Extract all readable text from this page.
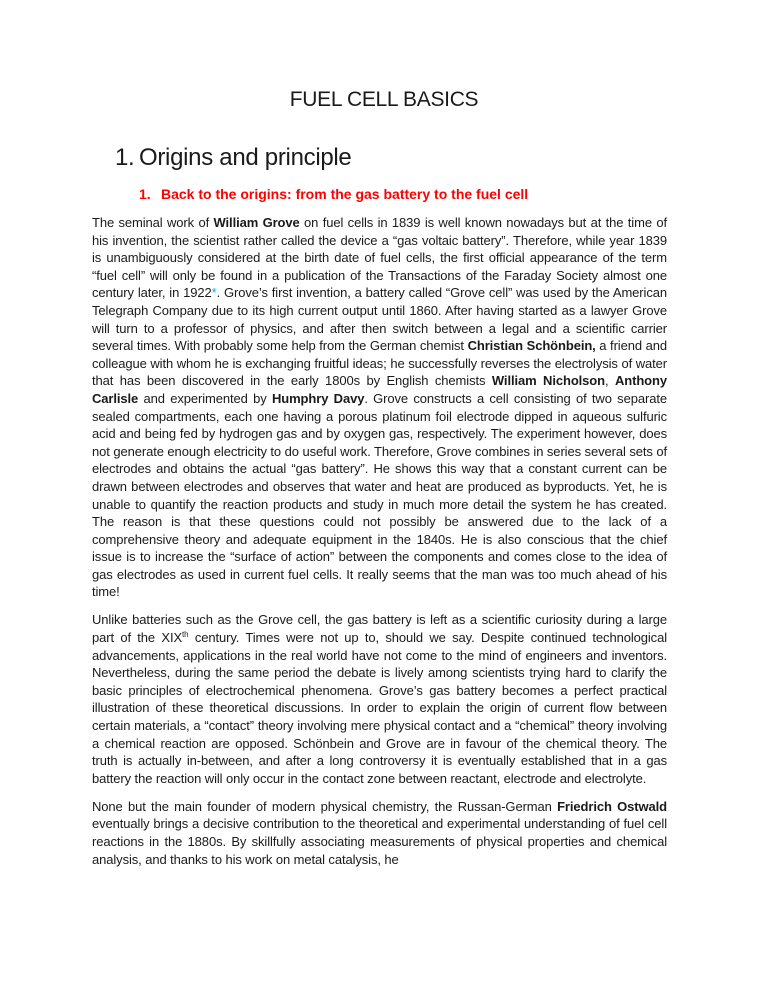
FUEL CELL BASICS
1. Origins and principle
1. Back to the origins: from the gas battery to the fuel cell

The seminal work of William Grove on fuel cells in 1839 is well known nowadays but at the time of his invention, the scientist rather called the device a “gas voltaic battery”. Therefore, while year 1839 is unambiguously considered at the birth date of fuel cells, the first official appearance of the term “fuel cell” will only be found in a publication of the Transactions of the Faraday Society almost one century later, in 1922*. Grove’s first invention, a battery called “Grove cell” was used by the American Telegraph Company due to its high current output until 1860. After having started as a lawyer Grove will turn to a professor of physics, and after then switch between a legal and a scientific carrier several times. With probably some help from the German chemist Christian Schönbein, a friend and colleague with whom he is exchanging fruitful ideas; he successfully reverses the electrolysis of water that has been discovered in the early 1800s by English chemists William Nicholson, Anthony Carlisle and experimented by Humphry Davy. Grove constructs a cell consisting of two separate sealed compartments, each one having a porous platinum foil electrode dipped in aqueous sulfuric acid and being fed by hydrogen gas and by oxygen gas, respectively. The experiment however, does not generate enough electricity to do useful work. Therefore, Grove combines in series several sets of electrodes and obtains the actual “gas battery”. He shows this way that a constant current can be drawn between electrodes and observes that water and heat are produced as byproducts. Yet, he is unable to quantify the reaction products and study in much more detail the system he has created. The reason is that these questions could not possibly be answered due to the lack of a comprehensive theory and adequate equipment in the 1840s. He is also conscious that the chief issue is to increase the “surface of action” between the components and comes close to the idea of gas electrodes as used in current fuel cells. It really seems that the man was too much ahead of his time!

Unlike batteries such as the Grove cell, the gas battery is left as a scientific curiosity during a large part of the XIXth century. Times were not up to, should we say. Despite continued technological advancements, applications in the real world have not come to the mind of engineers and inventors. Nevertheless, during the same period the debate is lively among scientists trying hard to clarify the basic principles of electrochemical phenomena. Grove’s gas battery becomes a perfect practical illustration of these theoretical discussions. In order to explain the origin of current flow between certain materials, a “contact” theory involving mere physical contact and a “chemical” theory involving a chemical reaction are opposed. Schönbein and Grove are in favour of the chemical theory. The truth is actually in-between, and after a long controversy it is eventually established that in a gas battery the reaction will only occur in the contact zone between reactant, electrode and electrolyte.

None but the main founder of modern physical chemistry, the Russan-German Friedrich Ostwald eventually brings a decisive contribution to the theoretical and experimental understanding of fuel cell reactions in the 1880s. By skillfully associating measurements of physical properties and chemical analysis, and thanks to his work on metal catalysis, he
